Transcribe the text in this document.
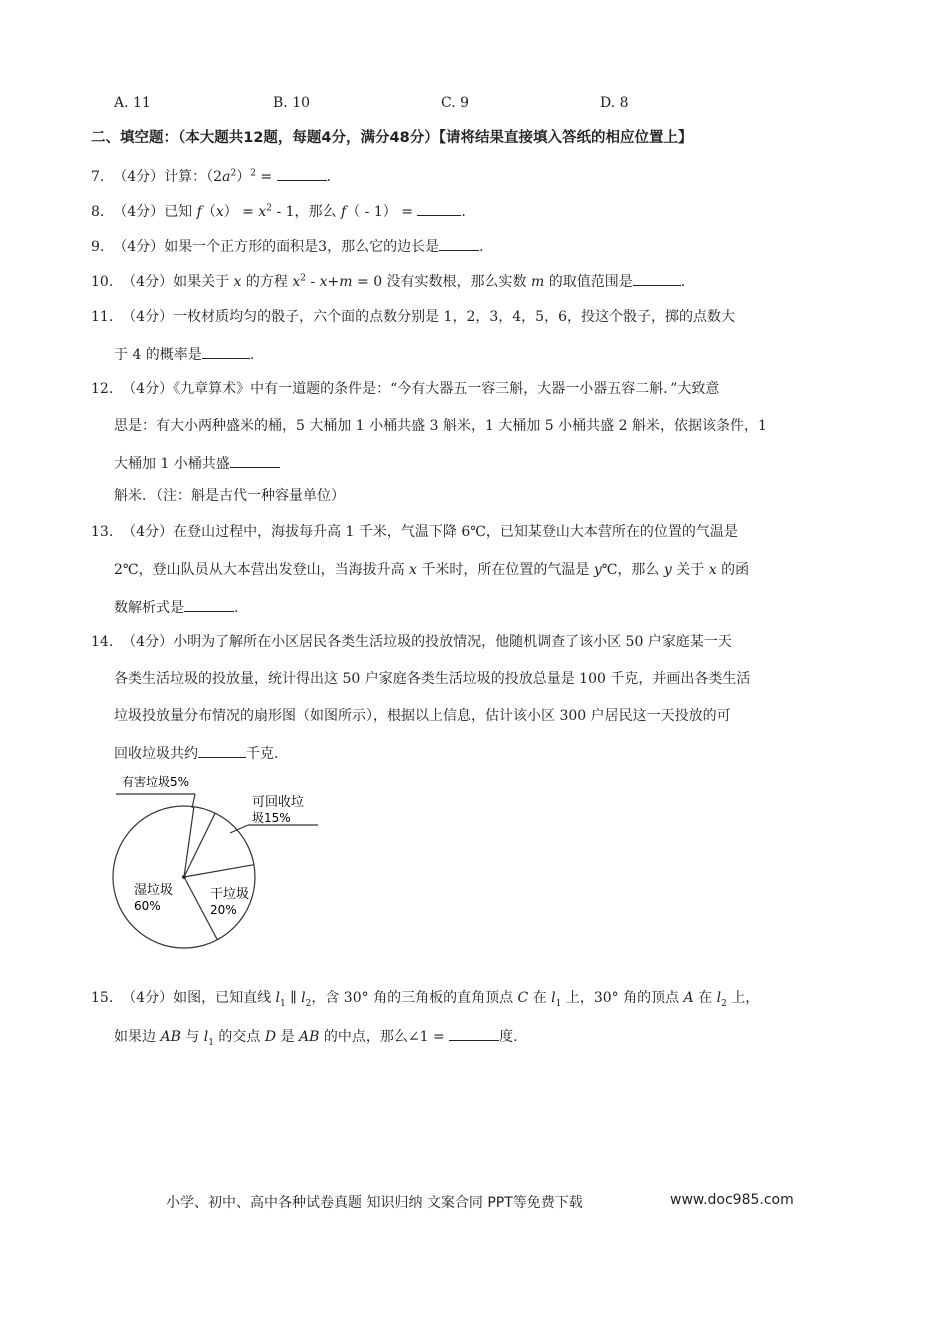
A. 11	B. 10	C. 9	D. 8
二、填空题：（本大题共12题，每题4分，满分48分）【请将结果直接填入答纸的相应位置上】
7. （4分）计算：$(2a^2)^2$ =	.
8. （4分）已知 $f(x) = x^2 - 1$，那么 f（ - 1） =	.
9. （4分）如果一个正方形的面积是3，那么它的边长是	.
10. （4分）如果关于 x 的方程 $x^2 - x+m = 0$ 没有实数根，那么实数 m 的取值范围是	.
11. （4分）一枚材质均匀的骰子，六个面的点数分别是 1，2，3，4，5，6，投这个骰子，掷的点数大
于 4 的概率是	.
12. （4分）《九章算术》中有一道题的条件是：“今有大器五一容三斛，大器一小器五容二斛．”大致意
思是：有大小两种盛米的桶，5 大桶加 1 小桶共盛 3 斛米，1 大桶加 5 小桶共盛 2 斛米，依据该条件，1
大桶加 1 小桶共盛
斛米．（注：斛是古代一种容量单位）
13. （4分）在登山过程中，海拔每升高 1 千米，气温下降 6℃，已知某登山大本营所在的位置的气温是
2℃，登山队员从大本营出发登山，当海拔升高 x 千米时，所在位置的气温是 y℃，那么 y 关于 x 的函
数解析式是	.
14. （4分）小明为了解所在小区居民各类生活垃圾的投放情况，他随机调查了该小区 50 户家庭某一天
各类生活垃圾的投放量，统计得出这 50 户家庭各类生活垃圾的投放总量是 100 千克，并画出各类生活
垃圾投放量分布情况的扇形图（如图所示），根据以上信息，估计该小区 300 户居民这一天投放的可
回收垃圾共约	千克.
有害垃圾5%
可回收垃
圾15%
干垃圾
20%
湿垃圾
60%
15. （4分）如图，已知直线 $l_1$ ∥ $l_2$，含 30° 角的三角板的直角顶点 C 在 $l_1$ 上，30° 角的顶点 A 在 $l_2$ 上，
如果边 AB 与 $l_1$ 的交点 D 是 AB 的中点，那么∠1 =	度.
小学、初中、高中各种试卷真题 知识归纳 文案合同 PPT等免费下载	www.doc985.com
